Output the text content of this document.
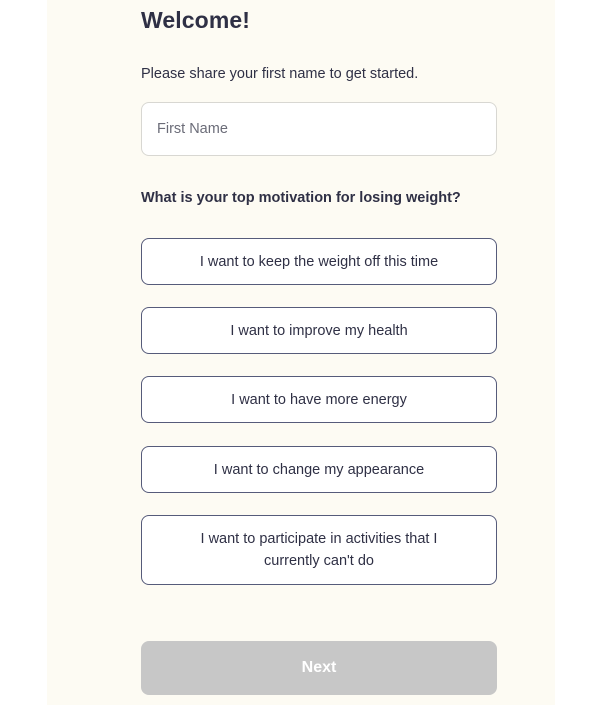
Welcome!

Please share your first name to get started.

First Name

What is your top motivation for losing weight?

I want to keep the weight off this time
I want to improve my health
I want to have more energy
I want to change my appearance
I want to participate in activities that I currently can't do
Next
